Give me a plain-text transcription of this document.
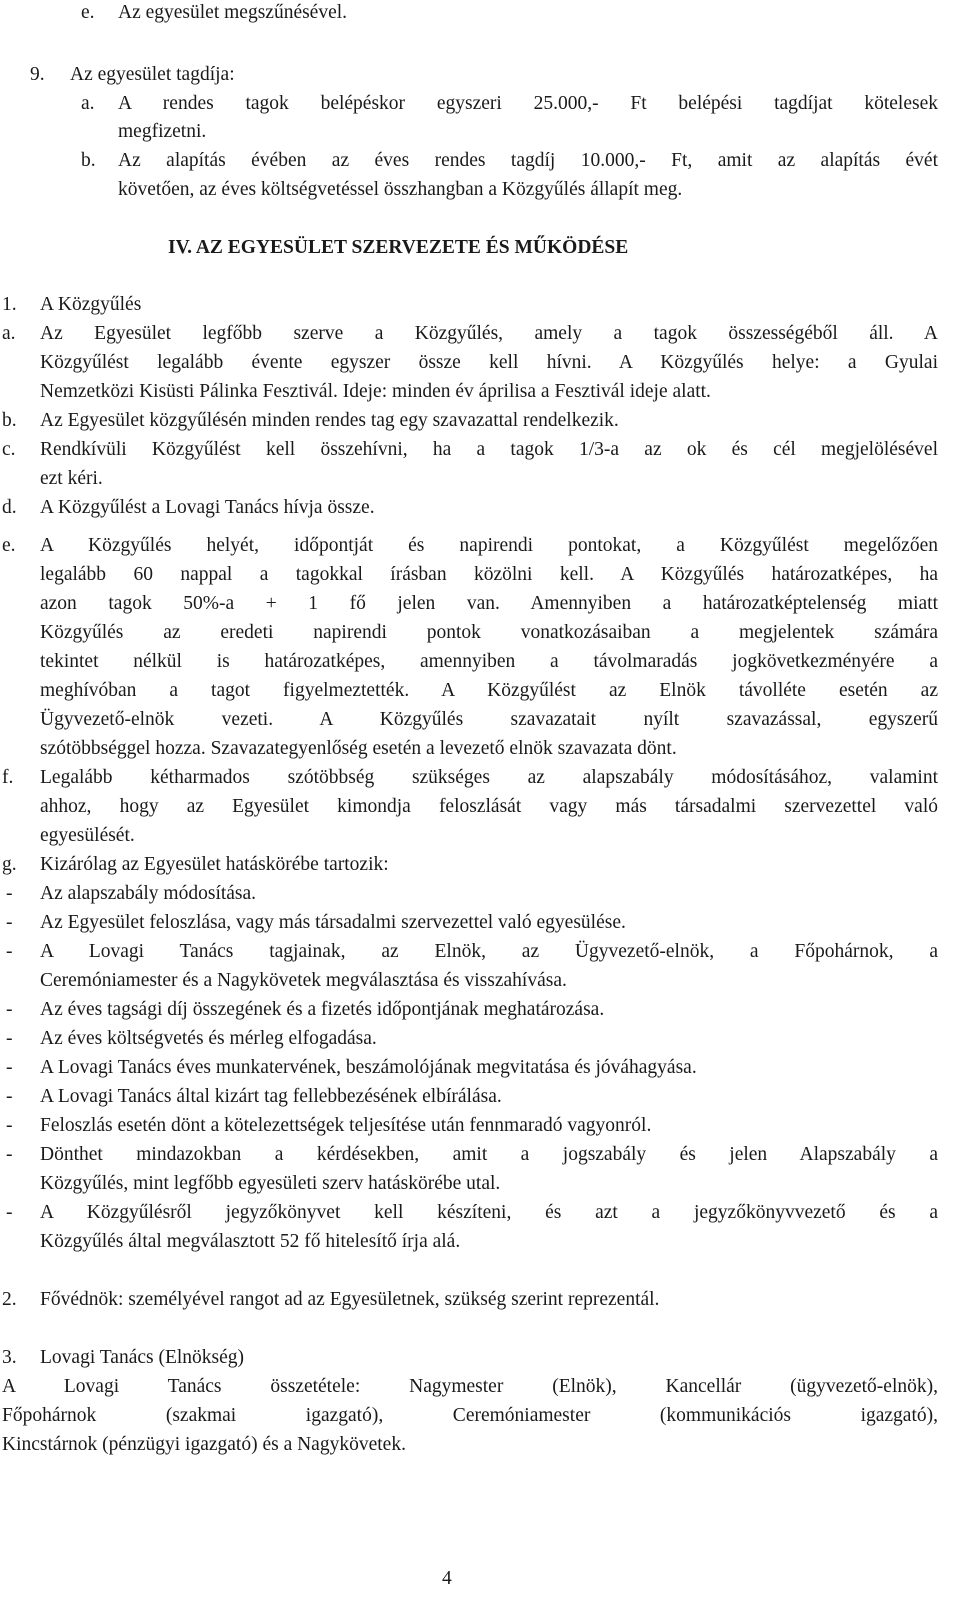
e. Az egyesület megszűnésével.
9. Az egyesület tagdíja:
a. A rendes tagok belépéskor egyszeri 25.000,- Ft belépési tagdíjat kötelesek
megfizetni.
b. Az alapítás évében az éves rendes tagdíj 10.000,- Ft, amit az alapítás évét
követően, az éves költségvetéssel összhangban a Közgyűlés állapít meg.
IV. AZ EGYESÜLET SZERVEZETE ÉS MŰKÖDÉSE
1. A Közgyűlés
a. Az Egyesület legfőbb szerve a Közgyűlés, amely a tagok összességéből áll. A
Közgyűlést legalább évente egyszer össze kell hívni. A Közgyűlés helye: a Gyulai
Nemzetközi Kisüsti Pálinka Fesztivál. Ideje: minden év áprilisa a Fesztivál ideje alatt.
b. Az Egyesület közgyűlésén minden rendes tag egy szavazattal rendelkezik.
c. Rendkívüli Közgyűlést kell összehívni, ha a tagok 1/3-a az ok és cél megjelölésével
ezt kéri.
d. A Közgyűlést a Lovagi Tanács hívja össze.
e. A Közgyűlés helyét, időpontját és napirendi pontokat, a Közgyűlést megelőzően
legalább 60 nappal a tagokkal írásban közölni kell. A Közgyűlés határozatképes, ha
azon tagok 50%-a + 1 fő jelen van. Amennyiben a határozatképtelenség miatt
Közgyűlés az eredeti napirendi pontok vonatkozásaiban a megjelentek számára
tekintet nélkül is határozatképes, amennyiben a távolmaradás jogkövetkezményére a
meghívóban a tagot figyelmeztették. A Közgyűlést az Elnök távolléte esetén az
Ügyvezető-elnök vezeti. A Közgyűlés szavazatait nyílt szavazással, egyszerű
szótöbbséggel hozza. Szavazategyenlőség esetén a levezető elnök szavazata dönt.
f. Legalább kétharmados szótöbbség szükséges az alapszabály módosításához, valamint
ahhoz, hogy az Egyesület kimondja feloszlását vagy más társadalmi szervezettel való
egyesülését.
g. Kizárólag az Egyesület hatáskörébe tartozik:
- Az alapszabály módosítása.
- Az Egyesület feloszlása, vagy más társadalmi szervezettel való egyesülése.
- A Lovagi Tanács tagjainak, az Elnök, az Ügyvezető-elnök, a Főpohárnok, a
Ceremóniamester és a Nagykövetek megválasztása és visszahívása.
- Az éves tagsági díj összegének és a fizetés időpontjának meghatározása.
- Az éves költségvetés és mérleg elfogadása.
- A Lovagi Tanács éves munkatervének, beszámolójának megvitatása és jóváhagyása.
- A Lovagi Tanács által kizárt tag fellebbezésének elbírálása.
- Feloszlás esetén dönt a kötelezettségek teljesítése után fennmaradó vagyonról.
- Dönthet mindazokban a kérdésekben, amit a jogszabály és jelen Alapszabály a
Közgyűlés, mint legfőbb egyesületi szerv hatáskörébe utal.
- A Közgyűlésről jegyzőkönyvet kell készíteni, és azt a jegyzőkönyvvezető és a
Közgyűlés által megválasztott 52 fő hitelesítő írja alá.
2. Fővédnök: személyével rangot ad az Egyesületnek, szükség szerint reprezentál.
3. Lovagi Tanács (Elnökség)
A Lovagi Tanács összetétele: Nagymester (Elnök), Kancellár (ügyvezető-elnök),
Főpohárnok (szakmai igazgató), Ceremóniamester (kommunikációs igazgató),
Kincstárnok (pénzügyi igazgató) és a Nagykövetek.
4
